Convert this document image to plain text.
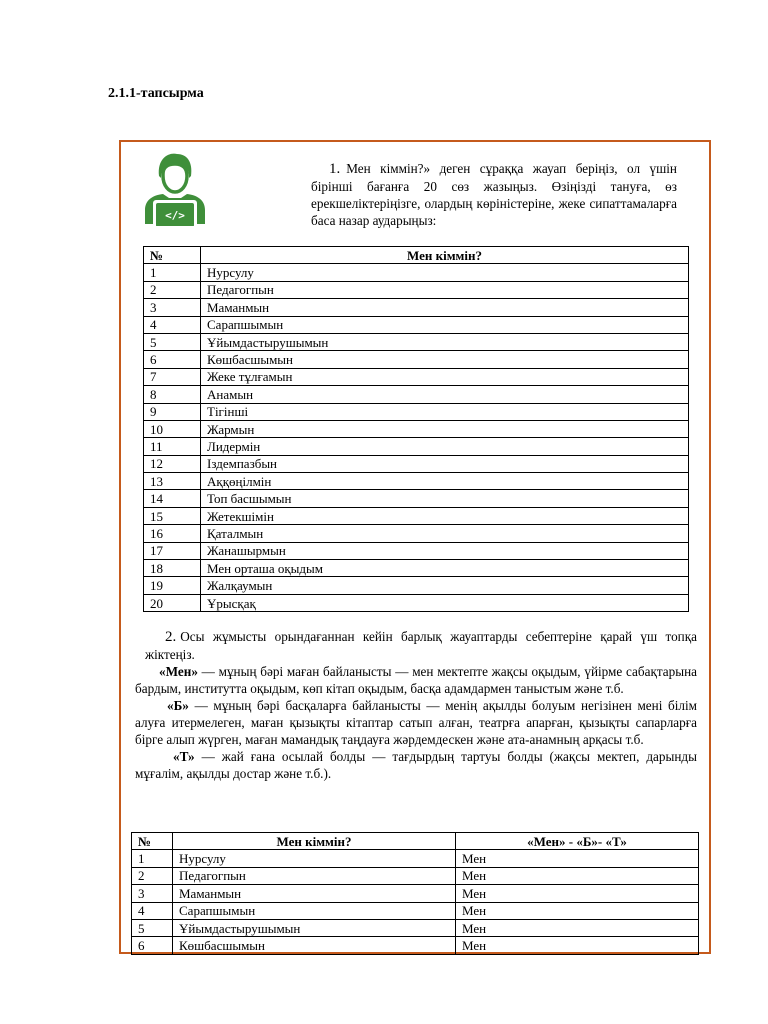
2.1.1-тапсырма
</>
1. Мен кіммін?» деген сұраққа жауап беріңіз, ол үшін бірінші бағанға 20 сөз жазыңыз. Өзіңізді тануға, өз ерекшеліктеріңізге, олардың көріністеріне, жеке сипаттамаларға баса назар аударыңыз:
№	Мен кіммін?
1	Нурсулу
2	Педагогпын
3	Маманмын
4	Сарапшымын
5	Ұйымдастырушымын
6	Көшбасшымын
7	Жеке тұлғамын
8	Анамын
9	Тігінші
10	Жармын
11	Лидермін
12	Іздемпазбын
13	Аққөңілмін
14	Топ басшымын
15	Жетекшімін
16	Қаталмын
17	Жанашырмын
18	Мен орташа оқыдым
19	Жалқаумын
20	Ұрысқақ

2. Осы жұмысты орындағаннан кейін барлық жауаптарды себептеріне қарай үш топқа жіктеңіз.

«Мен» — мұның бәрі маған байланысты — мен мектепте жақсы оқыдым, үйірме сабақтарына бардым, институтта оқыдым, көп кітап оқыдым, басқа адамдармен таныстым және т.б.

«Б» — мұның бәрі басқаларға байланысты — менің ақылды болуым негізінен мені білім алуға итермелеген, маған қызықты кітаптар сатып алған, театрға апарған, қызықты сапарларға бірге алып жүрген, маған мамандық таңдауға жәрдемдескен және ата-анамның арқасы т.б.

«Т» — жай ғана осылай болды — тағдырдың тартуы болды (жақсы мектеп, дарынды мұғалім, ақылды достар және т.б.).

№	Мен кіммін?	«Мен» - «Б»- «Т»
1	Нурсулу	Мен
2	Педагогпын	Мен
3	Маманмын	Мен
4	Сарапшымын	Мен
5	Ұйымдастырушымын	Мен
6	Көшбасшымын	Мен
